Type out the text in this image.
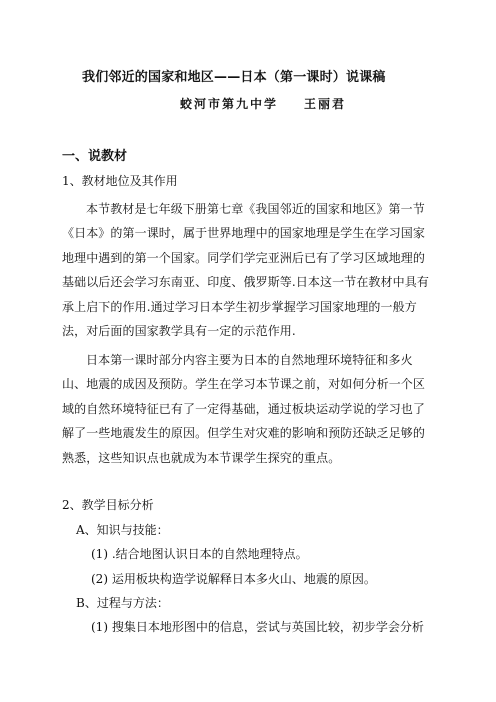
我们邻近的国家和地区——日本（第一课时）说课稿
蛟河市第九中学 王丽君
一、说教材
1、教材地位及其作用
本节教材是七年级下册第七章《我国邻近的国家和地区》第一节《日本》的第一课时，属于世界地理中的国家地理是学生在学习国家地理中遇到的第一个国家。同学们学完亚洲后已有了学习区域地理的基础以后还会学习东南亚、印度、俄罗斯等.日本这一节在教材中具有承上启下的作用.通过学习日本学生初步掌握学习国家地理的一般方法，对后面的国家教学具有一定的示范作用.
日本第一课时部分内容主要为日本的自然地理环境特征和多火山、地震的成因及预防。学生在学习本节课之前，对如何分析一个区域的自然环境特征已有了一定得基础，通过板块运动学说的学习也了解了一些地震发生的原因。但学生对灾难的影响和预防还缺乏足够的熟悉，这些知识点也就成为本节课学生探究的重点。
2、教学目标分析
A、知识与技能：
(1) .结合地图认识日本的自然地理特点。
(2) 运用板块构造学说解释日本多火山、地震的原因。
B、过程与方法：
(1) 搜集日本地形图中的信息，尝试与英国比较，初步学会分析
